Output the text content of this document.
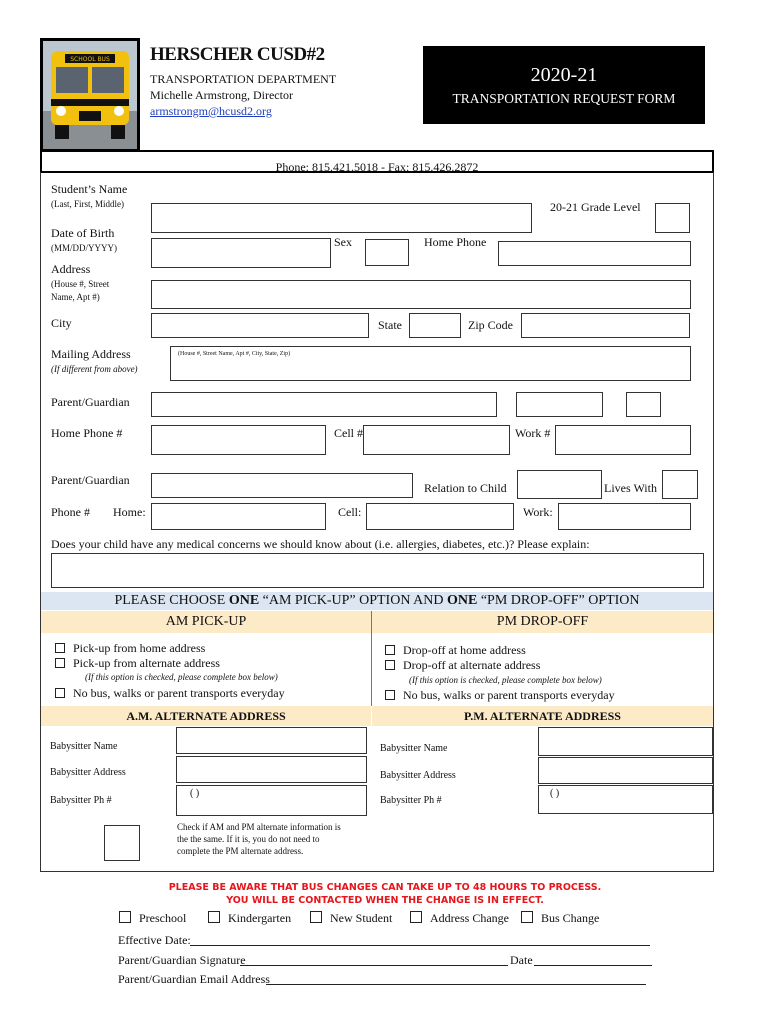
SCHOOL BUS HERSCHER CUSD#2
TRANSPORTATION DEPARTMENT
Michelle Armstrong, Director
armstrongm@hcusd2.org
2020-21
TRANSPORTATION REQUEST FORM
Phone: 815.421.5018 - Fax: 815.426.2872
Student’s Name
(Last, First, Middle)	20-21 Grade Level
Date of Birth
(MM/DD/YYYY)	Sex	Home Phone
Address
(House #, Street
Name, Apt #)
City	State	Zip Code
Mailing Address
(If different from above)
(House #, Street Name, Apt #, City, State, Zip)
Parent/Guardian
Home Phone #	Cell #	Work #
Parent/Guardian
Relation to Child	Lives With
Phone # Home:	Cell:	Work:
Does your child have any medical concerns we should know about (i.e. allergies, diabetes, etc.)? Please explain:
PLEASE CHOOSE ONE “AM PICK-UP” OPTION AND ONE “PM DROP-OFF” OPTION
AM PICK-UP	PM DROP-OFF
Pick-up from home address
Pick-up from alternate address
(If this option is checked, please complete box below)
No bus, walks or parent transports everyday
Drop-off at home address
Drop-off at alternate address
(If this option is checked, please complete box below)
No bus, walks or parent transports everyday
A.M. ALTERNATE ADDRESS	P.M. ALTERNATE ADDRESS
Babysitter Name
Babysitter Address
Babysitter Ph #
( )
Check if AM and PM alternate information is
the the same. If it is, you do not need to
complete the PM alternate address.
Babysitter Name
Babysitter Address
Babysitter Ph #
( )
PLEASE BE AWARE THAT BUS CHANGES CAN TAKE UP TO 48 HOURS TO PROCESS.
YOU WILL BE CONTACTED WHEN THE CHANGE IS IN EFFECT.
Preschool	Kindergarten	New Student	Address Change	Bus Change
Effective Date:
Parent/Guardian Signature	Date
Parent/Guardian Email Address
